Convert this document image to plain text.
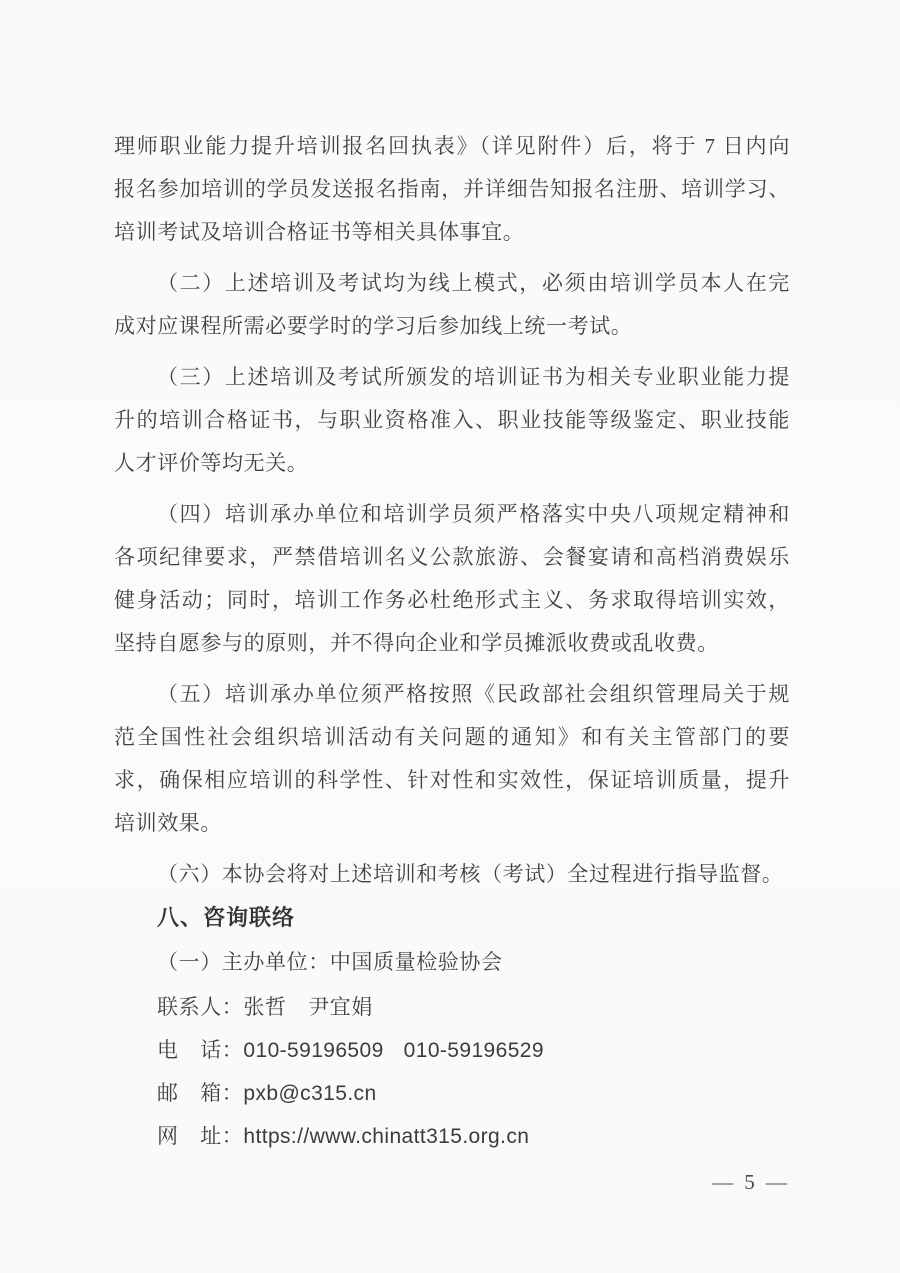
理师职业能力提升培训报名回执表》（详见附件）后，将于 7 日内向
报名参加培训的学员发送报名指南，并详细告知报名注册、培训学习、
培训考试及培训合格证书等相关具体事宜。
（二）上述培训及考试均为线上模式，必须由培训学员本人在完
成对应课程所需必要学时的学习后参加线上统一考试。
（三）上述培训及考试所颁发的培训证书为相关专业职业能力提
升的培训合格证书，与职业资格准入、职业技能等级鉴定、职业技能
人才评价等均无关。
（四）培训承办单位和培训学员须严格落实中央八项规定精神和
各项纪律要求，严禁借培训名义公款旅游、会餐宴请和高档消费娱乐
健身活动；同时，培训工作务必杜绝形式主义、务求取得培训实效，
坚持自愿参与的原则，并不得向企业和学员摊派收费或乱收费。
（五）培训承办单位须严格按照《民政部社会组织管理局关于规
范全国性社会组织培训活动有关问题的通知》和有关主管部门的要
求，确保相应培训的科学性、针对性和实效性，保证培训质量，提升
培训效果。
（六）本协会将对上述培训和考核（考试）全过程进行指导监督。
八、咨询联络
（一）主办单位：中国质量检验协会
联系人：张哲　尹宜娟
电　话：010-59196509 010-59196529
邮　箱：pxb@c315.cn
网　址：https://www.chinatt315.org.cn
— 5 —
